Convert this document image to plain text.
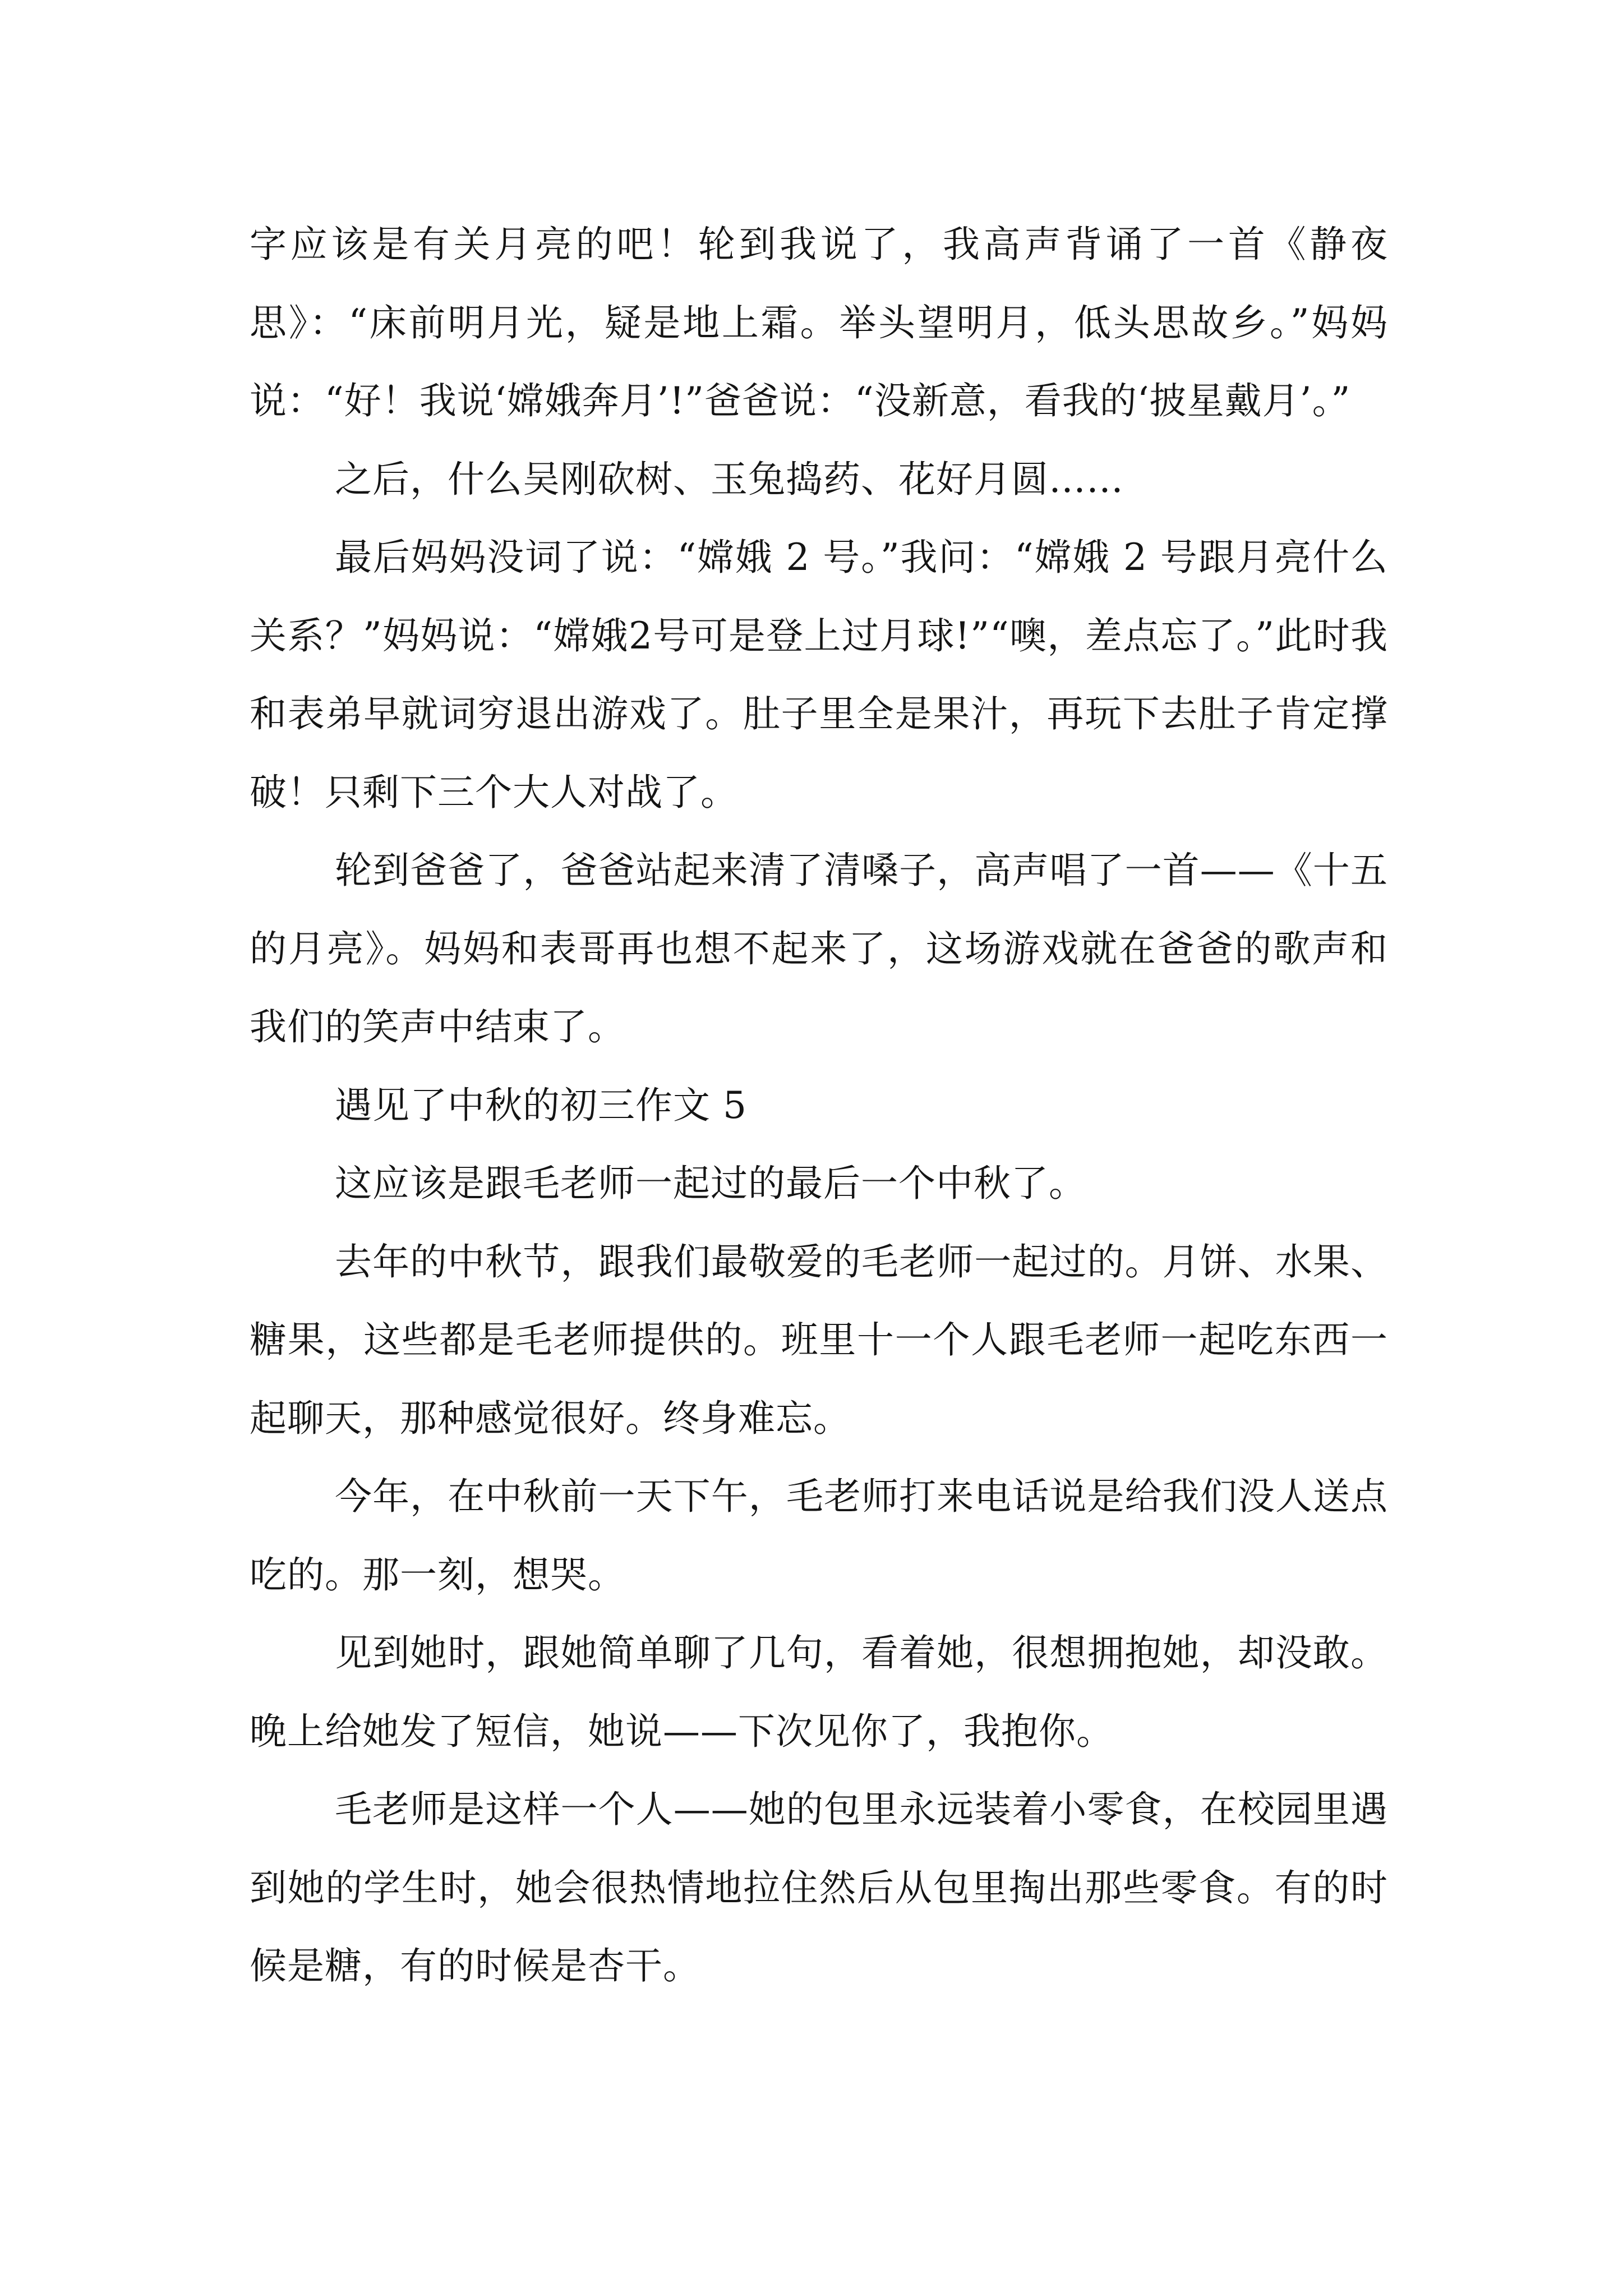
字应该是有关月亮的吧！轮到我说了，我高声背诵了一首《静夜思》：“床前明月光，疑是地上霜。举头望明月，低头思故乡。”妈妈说：“好！我说‘嫦娥奔月’!”爸爸说：“没新意，看我的‘披星戴月’。”

之后，什么吴刚砍树、玉兔捣药、花好月圆……

最后妈妈没词了说：“嫦娥 2 号。”我问：“嫦娥 2 号跟月亮什么关系？”妈妈说：“嫦娥2号可是登上过月球!”“噢，差点忘了。”此时我和表弟早就词穷退出游戏了。肚子里全是果汁，再玩下去肚子肯定撑破！只剩下三个大人对战了。

轮到爸爸了，爸爸站起来清了清嗓子，高声唱了一首——《十五的月亮》。妈妈和表哥再也想不起来了，这场游戏就在爸爸的歌声和我们的笑声中结束了。

遇见了中秋的初三作文 5

这应该是跟毛老师一起过的最后一个中秋了。

去年的中秋节，跟我们最敬爱的毛老师一起过的。月饼、水果、糖果，这些都是毛老师提供的。班里十一个人跟毛老师一起吃东西一起聊天，那种感觉很好。终身难忘。

今年，在中秋前一天下午，毛老师打来电话说是给我们没人送点吃的。那一刻，想哭。

见到她时，跟她简单聊了几句，看着她，很想拥抱她，却没敢。晚上给她发了短信，她说——下次见你了，我抱你。

毛老师是这样一个人——她的包里永远装着小零食，在校园里遇到她的学生时，她会很热情地拉住然后从包里掏出那些零食。有的时候是糖，有的时候是杏干。
